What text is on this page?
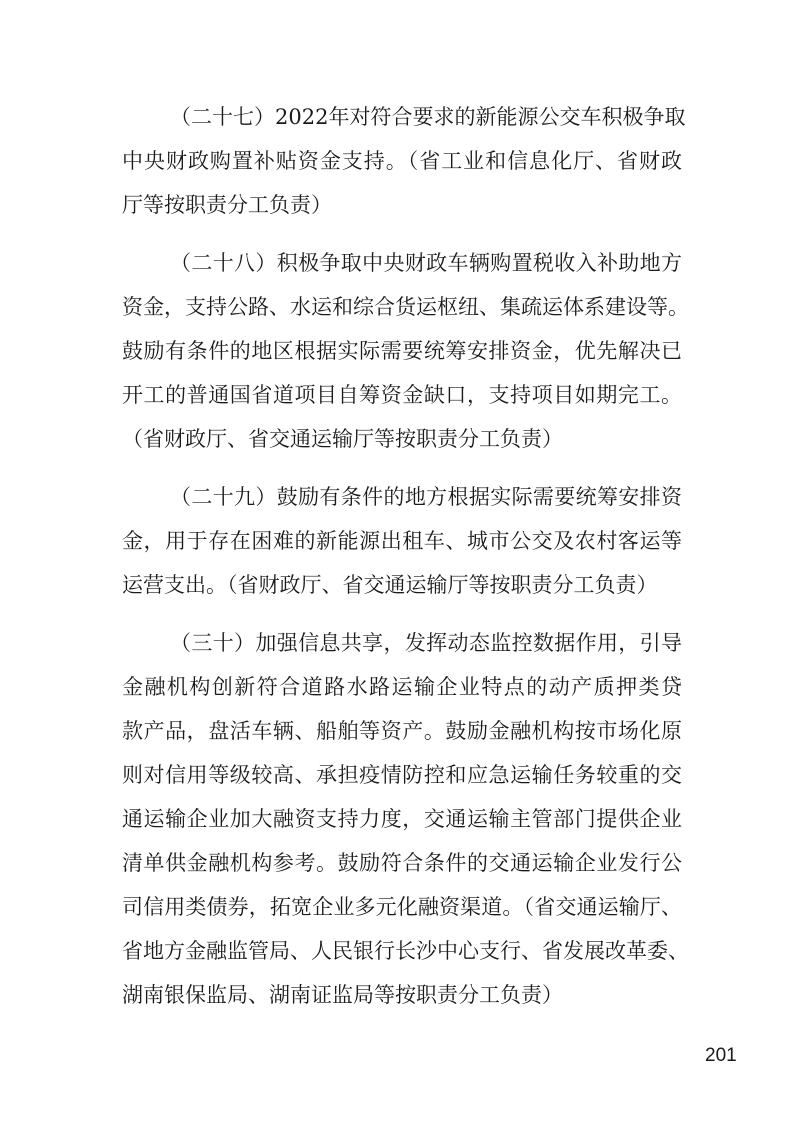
（二十七）2022年对符合要求的新能源公交车积极争取
中央财政购置补贴资金支持。（省工业和信息化厅、省财政
厅等按职责分工负责）
（二十八）积极争取中央财政车辆购置税收入补助地方
资金，支持公路、水运和综合货运枢纽、集疏运体系建设等。
鼓励有条件的地区根据实际需要统筹安排资金，优先解决已
开工的普通国省道项目自筹资金缺口，支持项目如期完工。
（省财政厅、省交通运输厅等按职责分工负责）
（二十九）鼓励有条件的地方根据实际需要统筹安排资
金，用于存在困难的新能源出租车、城市公交及农村客运等
运营支出。（省财政厅、省交通运输厅等按职责分工负责）
（三十）加强信息共享，发挥动态监控数据作用，引导
金融机构创新符合道路水路运输企业特点的动产质押类贷
款产品，盘活车辆、船舶等资产。鼓励金融机构按市场化原
则对信用等级较高、承担疫情防控和应急运输任务较重的交
通运输企业加大融资支持力度，交通运输主管部门提供企业
清单供金融机构参考。鼓励符合条件的交通运输企业发行公
司信用类债券，拓宽企业多元化融资渠道。（省交通运输厅、
省地方金融监管局、人民银行长沙中心支行、省发展改革委、
湖南银保监局、湖南证监局等按职责分工负责）
201
